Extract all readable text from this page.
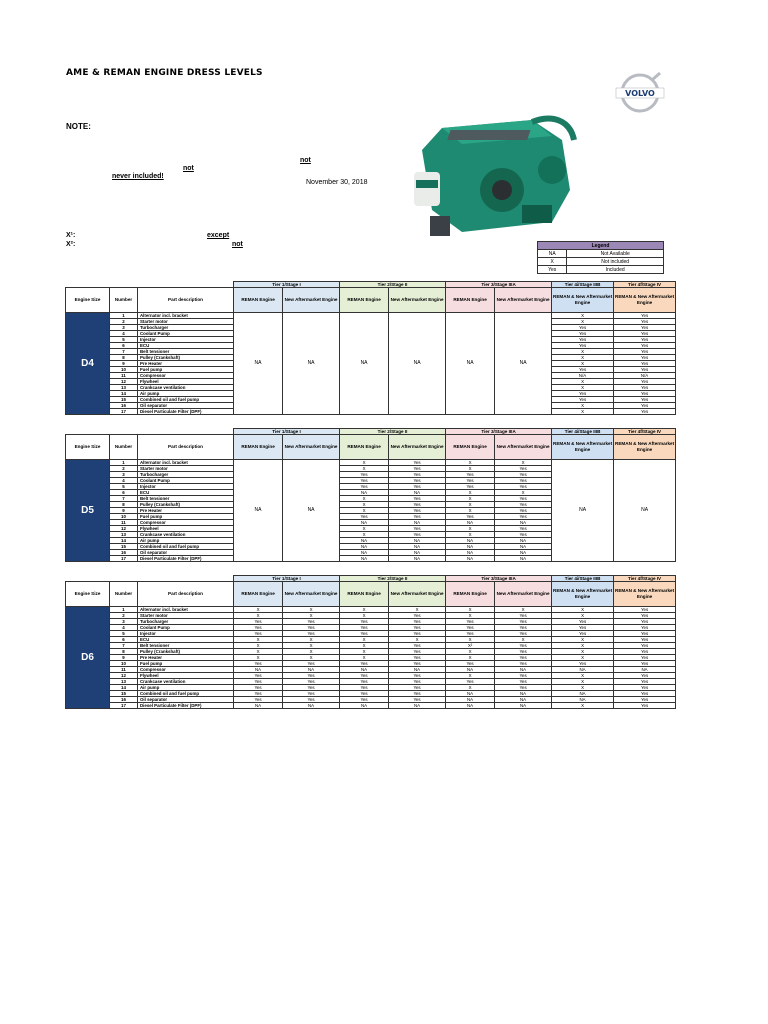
AME & REMAN ENGINE DRESS LEVELS
VOLVO
NOTE:
not
not
never included!
November 30, 2018
X¹:	except
X²:	not	Legend	
NA	Not Available
X	Not included
Yes	Included
			Tier 1/Stage I		Tier 2/Stage II		Tier 3/Stage IIIA		Tier 4i/Stage IIIB	Tier 4f/Stage IV
Engine Size	Number	Part description	REMAN Engine	New Aftermarket Engine	REMAN Engine	New Aftermarket Engine	REMAN Engine	New Aftermarket Engine	REMAN & New Aftermarket Engine	REMAN & New Aftermarket Engine
D4	1	Alternator incl. bracket	NA	NA	NA	NA	NA	NA	X	Yes
	2	Starter motor							X	Yes
	3	Turbocharger							Yes	Yes
	4	Coolant Pump							Yes	Yes
	5	Injector							Yes	Yes
	6	ECU							Yes	Yes
	7	Belt tensioner							X	Yes
	8	Pulley (Crankshaft)							X	Yes
	9	Pre Heater							X	Yes
	10	Fuel pump							Yes	Yes
	11	Compressor							N/A	N/A
	12	Flywheel							X	Yes
	13	Crankcase ventilation							X	Yes
	14	Air pump							Yes	Yes
	15	Combined oil and fuel pump							Yes	Yes
	16	Oil separator							X	Yes
	17	Diesel Particulate Filter (DPF)							X	Yes
			Tier 1/Stage I		Tier 2/Stage II		Tier 3/Stage IIIA		Tier 4i/Stage IIIB	Tier 4f/Stage IV
Engine Size	Number	Part description	REMAN Engine	New Aftermarket Engine	REMAN Engine	New Aftermarket Engine	REMAN Engine	New Aftermarket Engine	REMAN & New Aftermarket Engine	REMAN & New Aftermarket Engine
D5	1	Alternator incl. bracket	NA	NA	X	Yes	X	X	NA	NA
	2	Starter motor			X	Yes	X	Yes		
	3	Turbocharger			Yes	Yes	Yes	Yes		
	4	Coolant Pump			Yes	Yes	Yes	Yes		
	5	Injector			Yes	Yes	Yes	Yes		
	6	ECU			NA	NA	X	X		
	7	Belt tensioner			X	Yes	X	Yes		
	8	Pulley (Crankshaft)			X	Yes	X	Yes		
	9	Pre Heater			X	Yes	X	Yes		
	10	Fuel pump			Yes	Yes	Yes	Yes		
	11	Compressor			NA	NA	NA	NA		
	12	Flywheel			X	Yes	X	Yes		
	13	Crankcase ventilation			X	Yes	X	Yes		
	14	Air pump			NA	NA	NA	NA		
	15	Combined oil and fuel pump			NA	NA	NA	NA		
	16	Oil separator			NA	NA	NA	NA		
	17	Diesel Particulate Filter (DPF)			NA	NA	NA	NA		
			Tier 1/Stage I		Tier 2/Stage II		Tier 3/Stage IIIA		Tier 4i/Stage IIIB	Tier 4f/Stage IV
Engine Size	Number	Part description	REMAN Engine	New Aftermarket Engine	REMAN Engine	New Aftermarket Engine	REMAN Engine	New Aftermarket Engine	REMAN & New Aftermarket Engine	REMAN & New Aftermarket Engine
D6	1	Alternator incl. bracket	X	X	X	X	X	X	X	Yes
	2	Starter motor	X	X	X	Yes	X	Yes	X	Yes
	3	Turbocharger	Yes	Yes	Yes	Yes	Yes	Yes	Yes	Yes
	4	Coolant Pump	Yes	Yes	Yes	Yes	Yes	Yes	Yes	Yes
	5	Injector	Yes	Yes	Yes	Yes	Yes	Yes	Yes	Yes
	6	ECU	X	X	X	X	X	X	X	Yes
	7	Belt tensioner	X	X	X	Yes	X²	Yes	X	Yes
	8	Pulley (Crankshaft)	X	X	X	Yes	X	Yes	X	Yes
	9	Pre Heater	X	X	X	Yes	X	Yes	X	Yes
	10	Fuel pump	Yes	Yes	Yes	Yes	Yes	Yes	Yes	Yes
	11	Compressor	NA	NA	NA	NA	NA	NA	NA	NA
	12	Flywheel	Yes	Yes	Yes	Yes	X	Yes	X	Yes
	13	Crankcase ventilation	Yes	Yes	Yes	Yes	Yes	Yes	X	Yes
	14	Air pump	Yes	Yes	Yes	Yes	X	Yes	X	Yes
	15	Combined oil and fuel pump	Yes	Yes	Yes	Yes	NA	NA	NA	Yes
	16	Oil separator	Yes	Yes	Yes	Yes	NA	NA	NA	Yes
	17	Diesel Particulate Filter (DPF)	NA	NA	NA	NA	NA	NA	X	Yes
